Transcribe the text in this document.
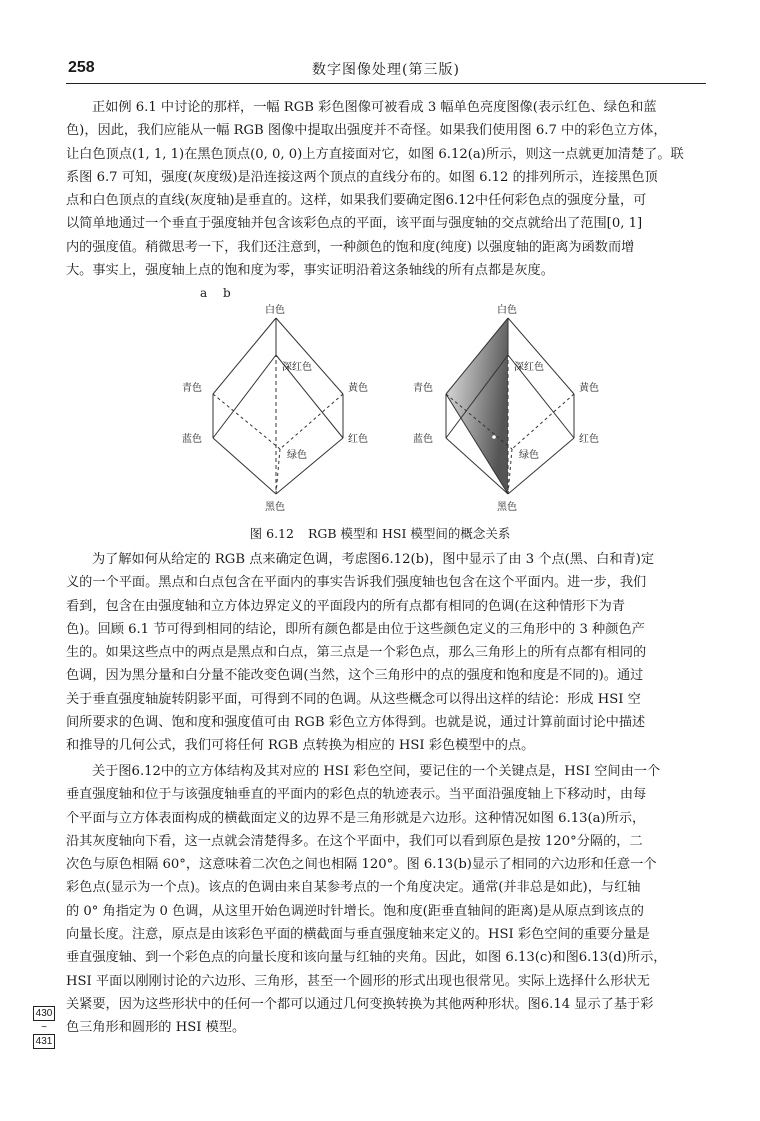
258	数字图像处理(第三版)
正如例 6.1 中讨论的那样，一幅 RGB 彩色图像可被看成 3 幅单色亮度图像(表示红色、绿色和蓝
色)，因此，我们应能从一幅 RGB 图像中提取出强度并不奇怪。如果我们使用图 6.7 中的彩色立方体，
让白色顶点(1, 1, 1)在黑色顶点(0, 0, 0)上方直接面对它，如图 6.12(a)所示，则这一点就更加清楚了。联
系图 6.7 可知，强度(灰度级)是沿连接这两个顶点的直线分布的。如图 6.12 的排列所示，连接黑色顶
点和白色顶点的直线(灰度轴)是垂直的。这样，如果我们要确定图6.12中任何彩色点的强度分量，可
以简单地通过一个垂直于强度轴并包含该彩色点的平面，该平面与强度轴的交点就给出了范围[0, 1]
内的强度值。稍微思考一下，我们还注意到，一种颜色的饱和度(纯度) 以强度轴的距离为函数而增
大。事实上，强度轴上点的饱和度为零，事实证明沿着这条轴线的所有点都是灰度。
a b
白色
深红色
青色	黄色
蓝色	红色
绿色
黑色
白色
深红色
青色	黄色
蓝色	红色
绿色
黑色
图 6.12 RGB 模型和 HSI 模型间的概念关系
为了解如何从给定的 RGB 点来确定色调，考虑图6.12(b)，图中显示了由 3 个点(黑、白和青)定
义的一个平面。黑点和白点包含在平面内的事实告诉我们强度轴也包含在这个平面内。进一步，我们
看到，包含在由强度轴和立方体边界定义的平面段内的所有点都有相同的色调(在这种情形下为青
色)。回顾 6.1 节可得到相同的结论，即所有颜色都是由位于这些颜色定义的三角形中的 3 种颜色产
生的。如果这些点中的两点是黑点和白点，第三点是一个彩色点，那么三角形上的所有点都有相同的
色调，因为黑分量和白分量不能改变色调(当然，这个三角形中的点的强度和饱和度是不同的)。通过
关于垂直强度轴旋转阴影平面，可得到不同的色调。从这些概念可以得出这样的结论：形成 HSI 空
间所要求的色调、饱和度和强度值可由 RGB 彩色立方体得到。也就是说，通过计算前面讨论中描述
和推导的几何公式，我们可将任何 RGB 点转换为相应的 HSI 彩色模型中的点。
关于图6.12中的立方体结构及其对应的 HSI 彩色空间，要记住的一个关键点是，HSI 空间由一个
垂直强度轴和位于与该强度轴垂直的平面内的彩色点的轨迹表示。当平面沿强度轴上下移动时，由每
个平面与立方体表面构成的横截面定义的边界不是三角形就是六边形。这种情况如图 6.13(a)所示，
沿其灰度轴向下看，这一点就会清楚得多。在这个平面中，我们可以看到原色是按 120°分隔的，二
次色与原色相隔 60°，这意味着二次色之间也相隔 120°。图 6.13(b)显示了相同的六边形和任意一个
彩色点(显示为一个点)。该点的色调由来自某参考点的一个角度决定。通常(并非总是如此)，与红轴
的 0° 角指定为 0 色调，从这里开始色调逆时针增长。饱和度(距垂直轴间的距离)是从原点到该点的
向量长度。注意，原点是由该彩色平面的横截面与垂直强度轴来定义的。HSI 彩色空间的重要分量是
垂直强度轴、到一个彩色点的向量长度和该向量与红轴的夹角。因此，如图 6.13(c)和图6.13(d)所示，
HSI 平面以刚刚讨论的六边形、三角形，甚至一个圆形的形式出现也很常见。实际上选择什么形状无
关紧要，因为这些形状中的任何一个都可以通过几何变换转换为其他两种形状。图6.14 显示了基于彩
色三角形和圆形的 HSI 模型。
430
~
431
